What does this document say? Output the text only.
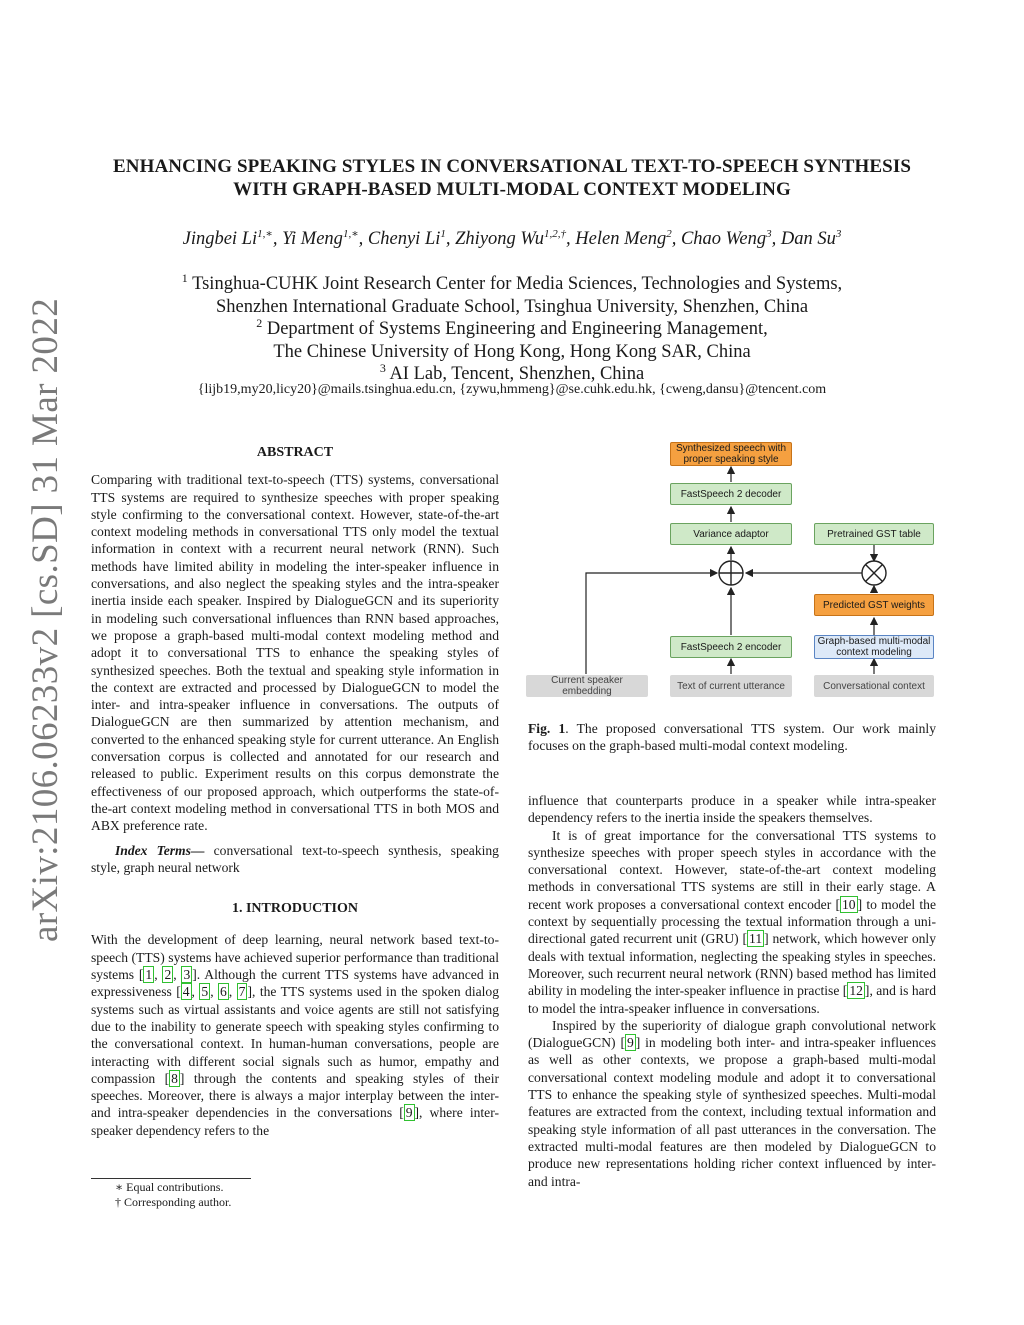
arXiv:2106.06233v2 [cs.SD] 31 Mar 2022
ENHANCING SPEAKING STYLES IN CONVERSATIONAL TEXT-TO-SPEECH SYNTHESIS
WITH GRAPH-BASED MULTI-MODAL CONTEXT MODELING
Jingbei $Li^{1,∗}$, Yi Meng$^{1,∗}$, Chenyi Li$^1$, Zhiyong $Wu^{1,2,\dagger}$, Helen Meng$^2$, Chao Weng$^3$, Dan Su$^3$
$^1$ Tsinghua-CUHK Joint Research Center for Media Sciences, Technologies and Systems,
Shenzhen International Graduate School, Tsinghua University, Shenzhen, China
$^2$ Department of Systems Engineering and Engineering Management,
The Chinese University of Hong Kong, Hong Kong SAR, China
$^3$ AI Lab, Tencent, Shenzhen, China
{lijb19,my20,licy20}@mails.tsinghua.edu.cn, {zywu,hmmeng}@se.cuhk.edu.hk, {cweng,dansu}@tencent.com
ABSTRACT

Comparing with traditional text-to-speech (TTS) systems, conversational TTS systems are required to synthesize speeches with proper speaking style confirming to the conversational context. However, state-of-the-art context modeling methods in conversational TTS only model the textual information in context with a recurrent neural network (RNN). Such methods have limited ability in modeling the inter-speaker influence in conversations, and also neglect the speaking styles and the intra-speaker inertia inside each speaker. Inspired by DialogueGCN and its superiority in modeling such conversational influences than RNN based approaches, we propose a graph-based multi-modal context modeling method and adopt it to conversational TTS to enhance the speaking styles of synthesized speeches. Both the textual and speaking style information in the context are extracted and processed by DialogueGCN to model the inter- and intra-speaker influence in conversations. The outputs of DialogueGCN are then summarized by attention mechanism, and converted to the enhanced speaking style for current utterance. An English conversation corpus is collected and annotated for our research and released to public. Experiment results on this corpus demonstrate the effectiveness of our proposed approach, which outperforms the state-of-the-art context modeling method in conversational TTS in both MOS and ABX preference rate.

Index Terms— conversational text-to-speech synthesis, speaking style, graph neural network

1. INTRODUCTION

With the development of deep learning, neural network based text-to-speech (TTS) systems have achieved superior performance than traditional systems [ 1 , 2 , 3 ]. Although the current TTS systems have advanced in expressiveness [ 4 , 5 , 6 , 7 ], the TTS systems used in the spoken dialog systems such as virtual assistants and voice agents are still not satisfying due to the inability to generate speech with speaking styles confirming to the conversational context. In human-human conversations, people are interacting with different social signals such as humor, empathy and compassion [ 8 ] through the contents and speaking styles of their speeches. Moreover, there is always a major interplay between the inter- and intra-speaker dependencies in the conversations [ 9 ], where inter-speaker dependency refers to the

∗ Equal contributions.
† Corresponding author.
Synthesized speech with proper speaking style
FastSpeech 2 decoder
Variance adaptor	Pretrained GST table
Predicted GST weights
FastSpeech 2 encoder	Graph-based multi-modal context modeling
Current speaker embedding	Text of current utterance	Conversational context
Fig. 1. The proposed conversational TTS system. Our work mainly focuses on the graph-based multi-modal context modeling.

influence that counterparts produce in a speaker while intra-speaker dependency refers to the inertia inside the speakers themselves.

It is of great importance for the conversational TTS systems to synthesize speeches with proper speech styles in accordance with the conversational context. However, state-of-the-art context modeling methods in conversational TTS systems are still in their early stage. A recent work proposes a conversational context encoder [ 10 ] to model the context by sequentially processing the textual information through a uni-directional gated recurrent unit (GRU) [ 11 ] network, which however only deals with textual information, neglecting the speaking styles in speeches. Moreover, such recurrent neural network (RNN) based method has limited ability in modeling the inter-speaker influence in practise [ 12 ], and is hard to model the intra-speaker influence in conversations.

Inspired by the superiority of dialogue graph convolutional network (DialogueGCN) [ 9 ] in modeling both inter- and intra-speaker influences as well as other contexts, we propose a graph-based multi-modal conversational context modeling module and adopt it to conversational TTS to enhance the speaking style of synthesized speeches. Multi-modal features are extracted from the context, including textual information and speaking style information of all past utterances in the conversation. The extracted multi-modal features are then modeled by DialogueGCN to produce new representations holding richer context influenced by inter- and intra-
